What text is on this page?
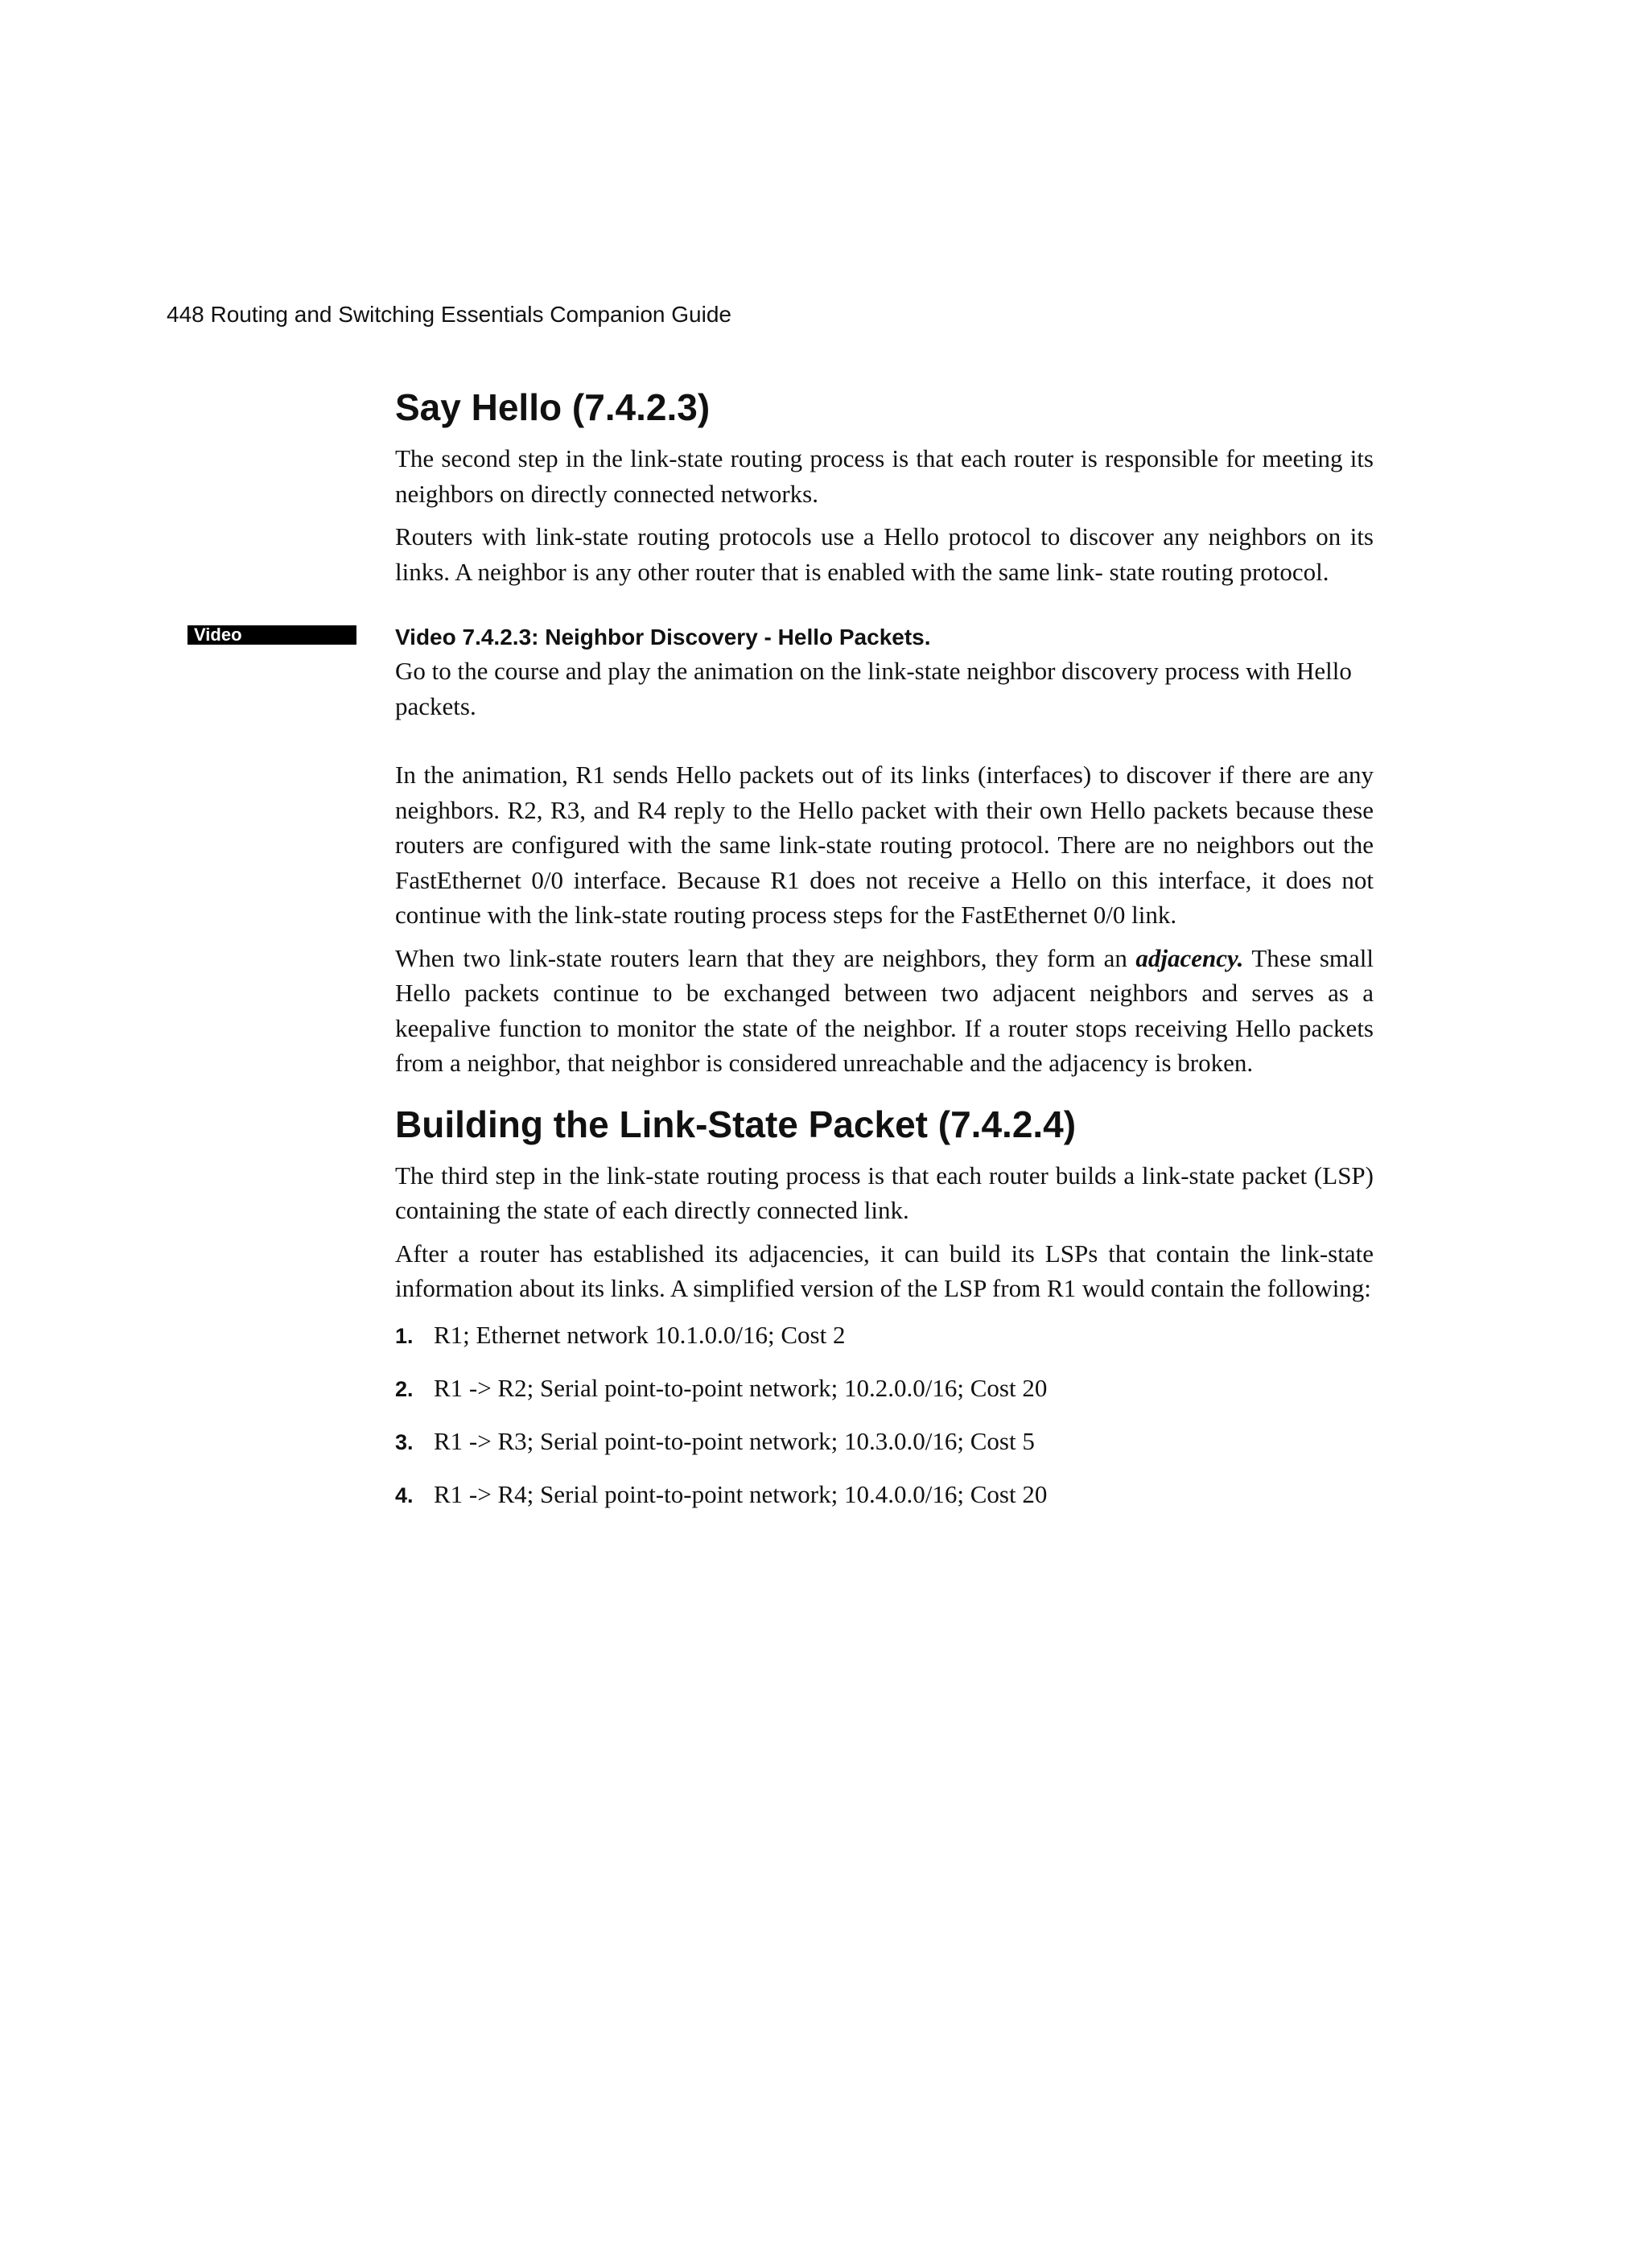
448 Routing and Switching Essentials Companion Guide
Say Hello (7.4.2.3)

The second step in the link-state routing process is that each router is responsible for meeting its neighbors on directly connected networks.

Routers with link-state routing protocols use a Hello protocol to discover any neighbors on its links. A neighbor is any other router that is enabled with the same link- state routing protocol.

Video	Video 7.4.2.3: Neighbor Discovery - Hello Packets.

Go to the course and play the animation on the link-state neighbor discovery process with Hello packets.

In the animation, R1 sends Hello packets out of its links (interfaces) to discover if there are any neighbors. R2, R3, and R4 reply to the Hello packet with their own Hello packets because these routers are configured with the same link-state routing protocol. There are no neighbors out the FastEthernet 0/0 interface. Because R1 does not receive a Hello on this interface, it does not continue with the link-state routing process steps for the FastEthernet 0/0 link.

When two link-state routers learn that they are neighbors, they form an adjacency. These small Hello packets continue to be exchanged between two adjacent neighbors and serves as a keepalive function to monitor the state of the neighbor. If a router stops receiving Hello packets from a neighbor, that neighbor is considered unreachable and the adjacency is broken.

Building the Link-State Packet (7.4.2.4)

The third step in the link-state routing process is that each router builds a link-state packet (LSP) containing the state of each directly connected link.

After a router has established its adjacencies, it can build its LSPs that contain the link-state information about its links. A simplified version of the LSP from R1 would contain the following:

1. R1; Ethernet network 10.1.0.0/16; Cost 2
2. R1 -> R2; Serial point-to-point network; 10.2.0.0/16; Cost 20
3. R1 -> R3; Serial point-to-point network; 10.3.0.0/16; Cost 5
4. R1 -> R4; Serial point-to-point network; 10.4.0.0/16; Cost 20
